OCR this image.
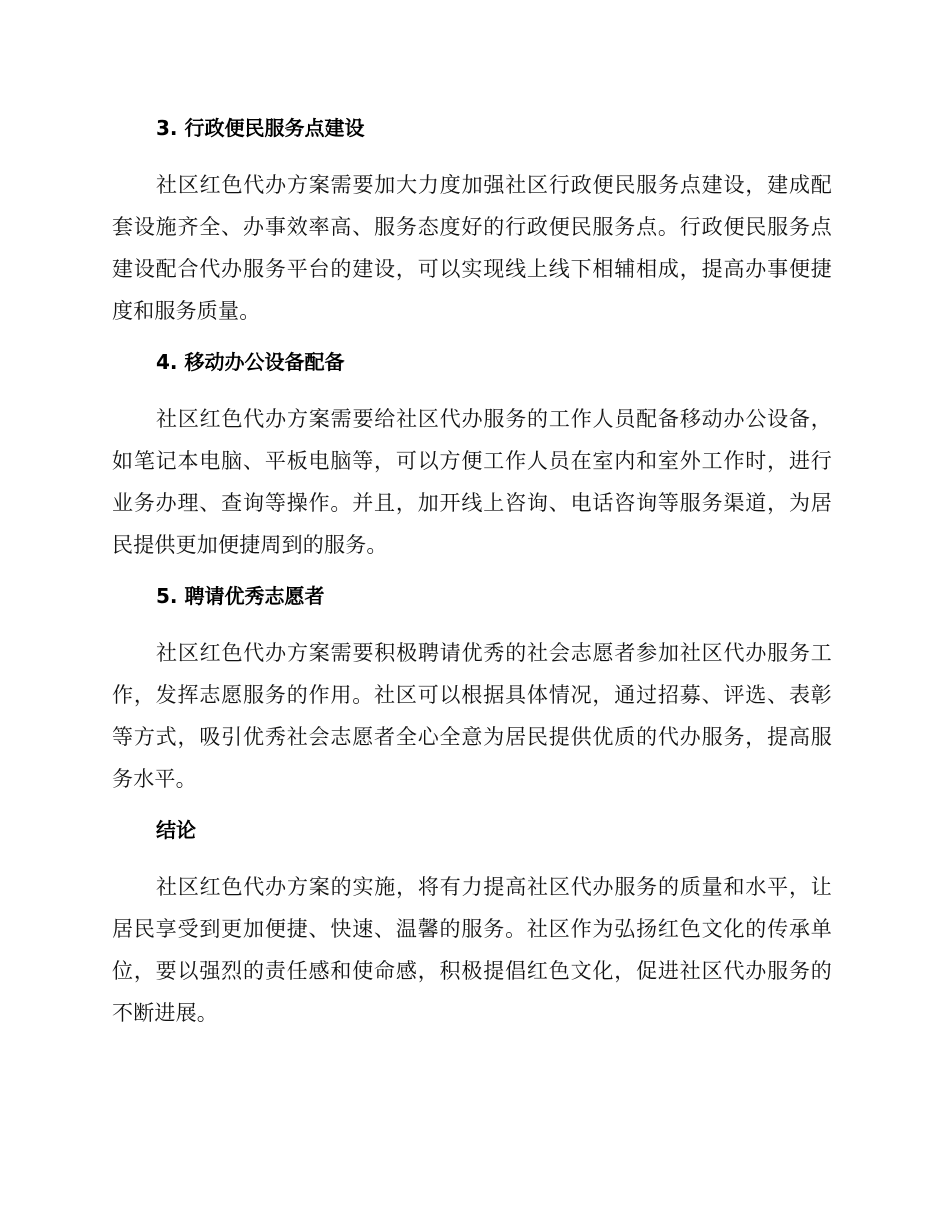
3. 行政便民服务点建设

社区红色代办方案需要加大力度加强社区行政便民服务点建设，建成配套设施齐全、办事效率高、服务态度好的行政便民服务点。行政便民服务点建设配合代办服务平台的建设，可以实现线上线下相辅相成，提高办事便捷度和服务质量。

4. 移动办公设备配备

社区红色代办方案需要给社区代办服务的工作人员配备移动办公设备，如笔记本电脑、平板电脑等，可以方便工作人员在室内和室外工作时，进行业务办理、查询等操作。并且，加开线上咨询、电话咨询等服务渠道，为居民提供更加便捷周到的服务。

5. 聘请优秀志愿者

社区红色代办方案需要积极聘请优秀的社会志愿者参加社区代办服务工作，发挥志愿服务的作用。社区可以根据具体情况，通过招募、评选、表彰等方式，吸引优秀社会志愿者全心全意为居民提供优质的代办服务，提高服务水平。

结论

社区红色代办方案的实施，将有力提高社区代办服务的质量和水平，让居民享受到更加便捷、快速、温馨的服务。社区作为弘扬红色文化的传承单位，要以强烈的责任感和使命感，积极提倡红色文化，促进社区代办服务的不断进展。
